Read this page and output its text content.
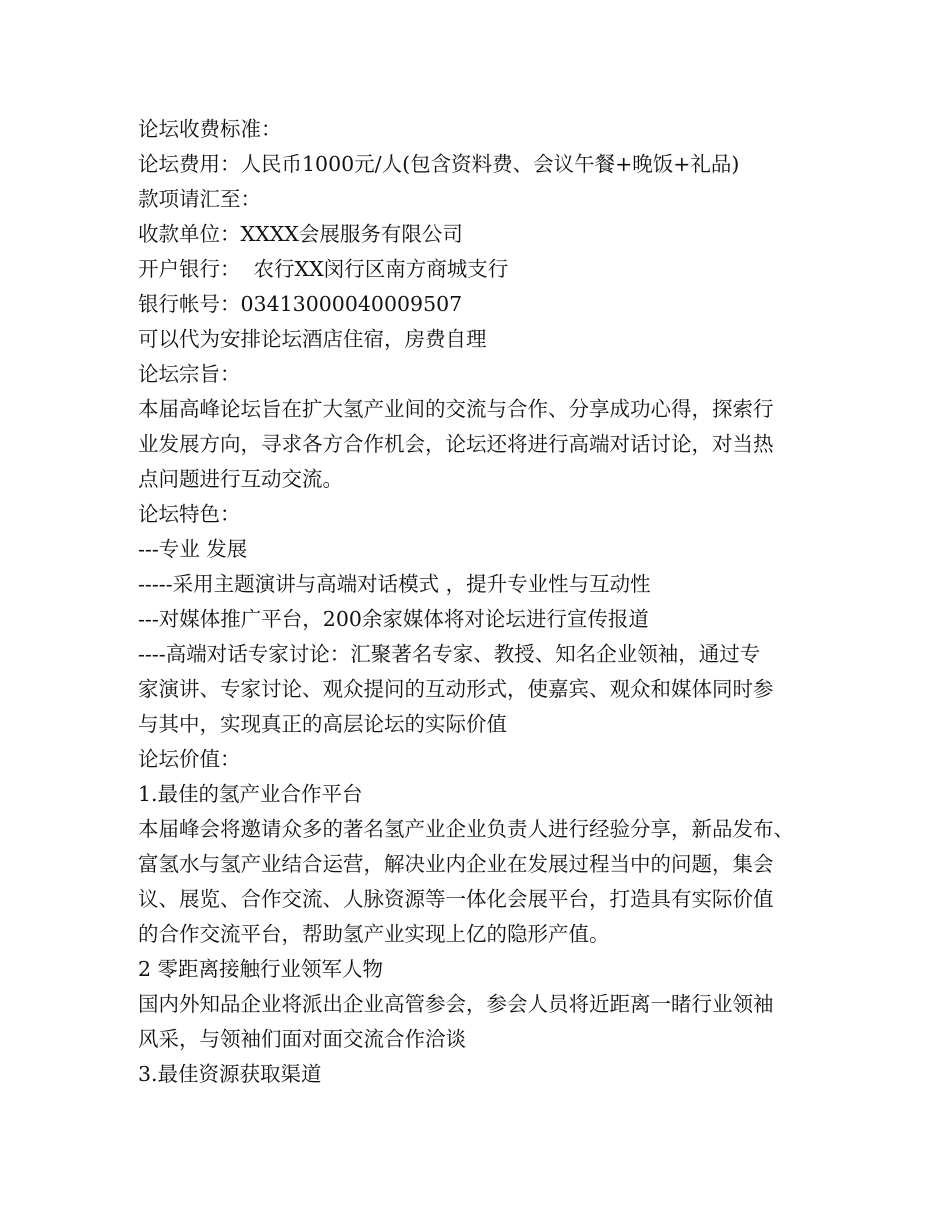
论坛收费标准：
论坛费用：人民币1000元/人(包含资料费、会议午餐+晚饭+礼品)
款项请汇至：
收款单位：XXXX会展服务有限公司
开户银行：  农行XX闵行区南方商城支行
银行帐号：03413000040009507
可以代为安排论坛酒店住宿，房费自理
论坛宗旨：
本届高峰论坛旨在扩大氢产业间的交流与合作、分享成功心得，探索行
业发展方向，寻求各方合作机会，论坛还将进行高端对话讨论，对当热
点问题进行互动交流。
论坛特色：
---专业 发展
-----采用主题演讲与高端对话模式 ，提升专业性与互动性
---对媒体推广平台，200余家媒体将对论坛进行宣传报道
----高端对话专家讨论：汇聚著名专家、教授、知名企业领袖，通过专
家演讲、专家讨论、观众提问的互动形式，使嘉宾、观众和媒体同时参
与其中，实现真正的高层论坛的实际价值
论坛价值：
1.最佳的氢产业合作平台
本届峰会将邀请众多的著名氢产业企业负责人进行经验分享，新品发布、
富氢水与氢产业结合运营，解决业内企业在发展过程当中的问题，集会
议、展览、合作交流、人脉资源等一体化会展平台，打造具有实际价值
的合作交流平台，帮助氢产业实现上亿的隐形产值。
2 零距离接触行业领军人物
国内外知品企业将派出企业高管参会，参会人员将近距离一睹行业领袖
风采，与领袖们面对面交流合作洽谈
3.最佳资源获取渠道
